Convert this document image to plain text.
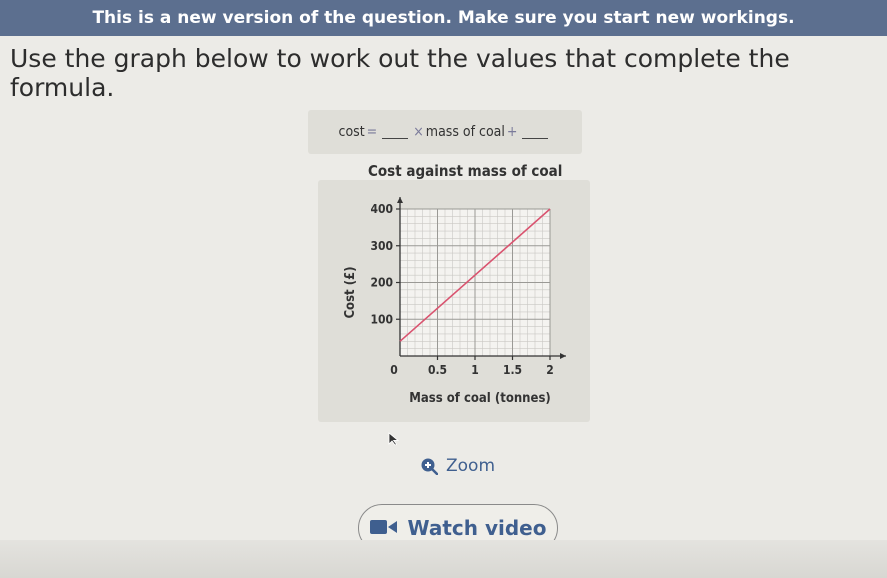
This is a new version of the question. Make sure you start new workings.
Use the graph below to work out the values that complete the formula.
cost =	× mass of coal +
Cost against mass of coal
100
200
300
400
0.5 1 1.5 2
0
Mass of coal (tonnes)
Cost (£)
Zoom
Watch video
